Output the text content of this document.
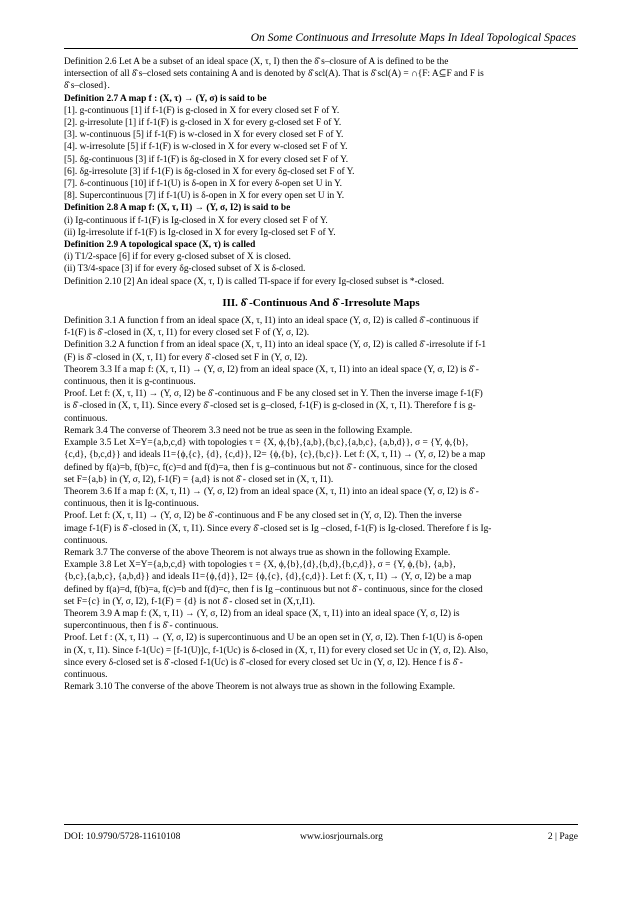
On Some Continuous and Irresolute Maps In Ideal Topological Spaces

Definition 2.6 Let A be a subset of an ideal space (X, τ, I) then the δ̂ s–closure of A is defined to be the

intersection of all δ̂ s–closed sets containing A and is denoted by δ̂ scl(A). That is δ̂ scl(A) = ∩{F: A⊆F and F is

δ̂ s–closed}.

Definition 2.7 A map f : (X, τ) → (Y, σ) is said to be

[1]. g-continuous [1] if f-1(F) is g-closed in X for every closed set F of Y.

[2]. g-irresolute [1] if f-1(F) is g-closed in X for every g-closed set F of Y.

[3]. w-continuous [5] if f-1(F) is w-closed in X for every closed set F of Y.

[4]. w-irresolute [5] if f-1(F) is w-closed in X for every w-closed set F of Y.

[5]. δg-continuous [3] if f-1(F) is δg-closed in X for every closed set F of Y.

[6]. δg-irresolute [3] if f-1(F) is δg-closed in X for every δg-closed set F of Y.

[7]. δ-continuous [10] if f-1(U) is δ-open in X for every δ-open set U in Y.

[8]. Supercontinuous [7] if f-1(U) is δ-open in X for every open set U in Y.

Definition 2.8 A map f: (X, τ, I1) → (Y, σ, I2) is said to be

(i) Ig-continuous if f-1(F) is Ig-closed in X for every closed set F of Y.

(ii) Ig-irresolute if f-1(F) is Ig-closed in X for every Ig-closed set F of Y.

Definition 2.9 A topological space (X, τ) is called

(i) T1/2-space [6] if for every g-closed subset of X is closed.

(ii) T3/4-space [3] if for every δg-closed subset of X is δ-closed.

Definition 2.10 [2] An ideal space (X, τ, I) is called TI-space if for every Ig-closed subset is *-closed.

III. δ̂ -Continuous And δ̂ -Irresolute Maps

Definition 3.1 A function f from an ideal space (X, τ, I1) into an ideal space (Y, σ, I2) is called δ̂ -continuous if

f-1(F) is δ̂ -closed in (X, τ, I1) for every closed set F of (Y, σ, I2).

Definition 3.2 A function f from an ideal space (X, τ, I1) into an ideal space (Y, σ, I2) is called δ̂ -irresolute if f-1

(F) is δ̂ -closed in (X, τ, I1) for every δ̂ -closed set F in (Y, σ, I2).

Theorem 3.3 If a map f: (X, τ, I1) → (Y, σ, I2) from an ideal space (X, τ, I1) into an ideal space (Y, σ, I2) is δ̂ -

continuous, then it is g-continuous.

Proof. Let f: (X, τ, I1) → (Y, σ, I2) be δ̂ -continuous and F be any closed set in Y. Then the inverse image f-1(F)

is δ̂ -closed in (X, τ, I1). Since every δ̂ -closed set is g–closed, f-1(F) is g-closed in (X, τ, I1). Therefore f is g-

continuous.

Remark 3.4 The converse of Theorem 3.3 need not be true as seen in the following Example.

Example 3.5 Let X=Y={a,b,c,d} with topologies τ = {X, ϕ,{b},{a,b},{b,c},{a,b,c}, {a,b,d}}, σ = {Y, ϕ,{b},

{c,d}, {b,c,d}} and ideals I1={ϕ,{c}, {d}, {c,d}}, I2= {ϕ,{b}, {c},{b,c}}. Let f: (X, τ, I1) → (Y, σ, I2) be a map

defined by f(a)=b, f(b)=c, f(c)=d and f(d)=a, then f is g–continuous but not δ̂ - continuous, since for the closed

set F={a,b} in (Y, σ, I2), f-1(F) = {a,d} is not δ̂ - closed set in (X, τ, I1).

Theorem 3.6 If a map f: (X, τ, I1) → (Y, σ, I2) from an ideal space (X, τ, I1) into an ideal space (Y, σ, I2) is δ̂ -

continuous, then it is Ig-continuous.

Proof. Let f: (X, τ, I1) → (Y, σ, I2) be δ̂ -continuous and F be any closed set in (Y, σ, I2). Then the inverse

image f-1(F) is δ̂ -closed in (X, τ, I1). Since every δ̂ -closed set is Ig –closed, f-1(F) is Ig-closed. Therefore f is Ig-

continuous.

Remark 3.7 The converse of the above Theorem is not always true as shown in the following Example.

Example 3.8 Let X=Y={a,b,c,d} with topologies τ = {X, ϕ,{b},{d},{b,d},{b,c,d}}, σ = {Y, ϕ,{b}, {a,b},

{b,c},{a,b,c}, {a,b,d}} and ideals I1={ϕ,{d}}, I2= {ϕ,{c}, {d},{c,d}}. Let f: (X, τ, I1) → (Y, σ, I2) be a map

defined by f(a)=d, f(b)=a, f(c)=b and f(d)=c, then f is Ig –continuous but not δ̂ - continuous, since for the closed

set F={c} in (Y, σ, I2), f-1(F) = {d} is not δ̂ - closed set in (X,τ,I1).

Theorem 3.9 A map f: (X, τ, I1) → (Y, σ, I2) from an ideal space (X, τ, I1) into an ideal space (Y, σ, I2) is

supercontinuous, then f is δ̂ - continuous.

Proof. Let f : (X, τ, I1) → (Y, σ, I2) is supercontinuous and U be an open set in (Y, σ, I2). Then f-1(U) is δ-open

in (X, τ, I1). Since f-1(Uc) = [f-1(U)]c, f-1(Uc) is δ-closed in (X, τ, I1) for every closed set Uc in (Y, σ, I2). Also,

since every δ-closed set is δ̂ -closed f-1(Uc) is δ̂ -closed for every closed set Uc in (Y, σ, I2). Hence f is δ̂ -

continuous.

Remark 3.10 The converse of the above Theorem is not always true as shown in the following Example.

DOI: 10.9790/5728-11610108	www.iosrjournals.org	2 | Page
